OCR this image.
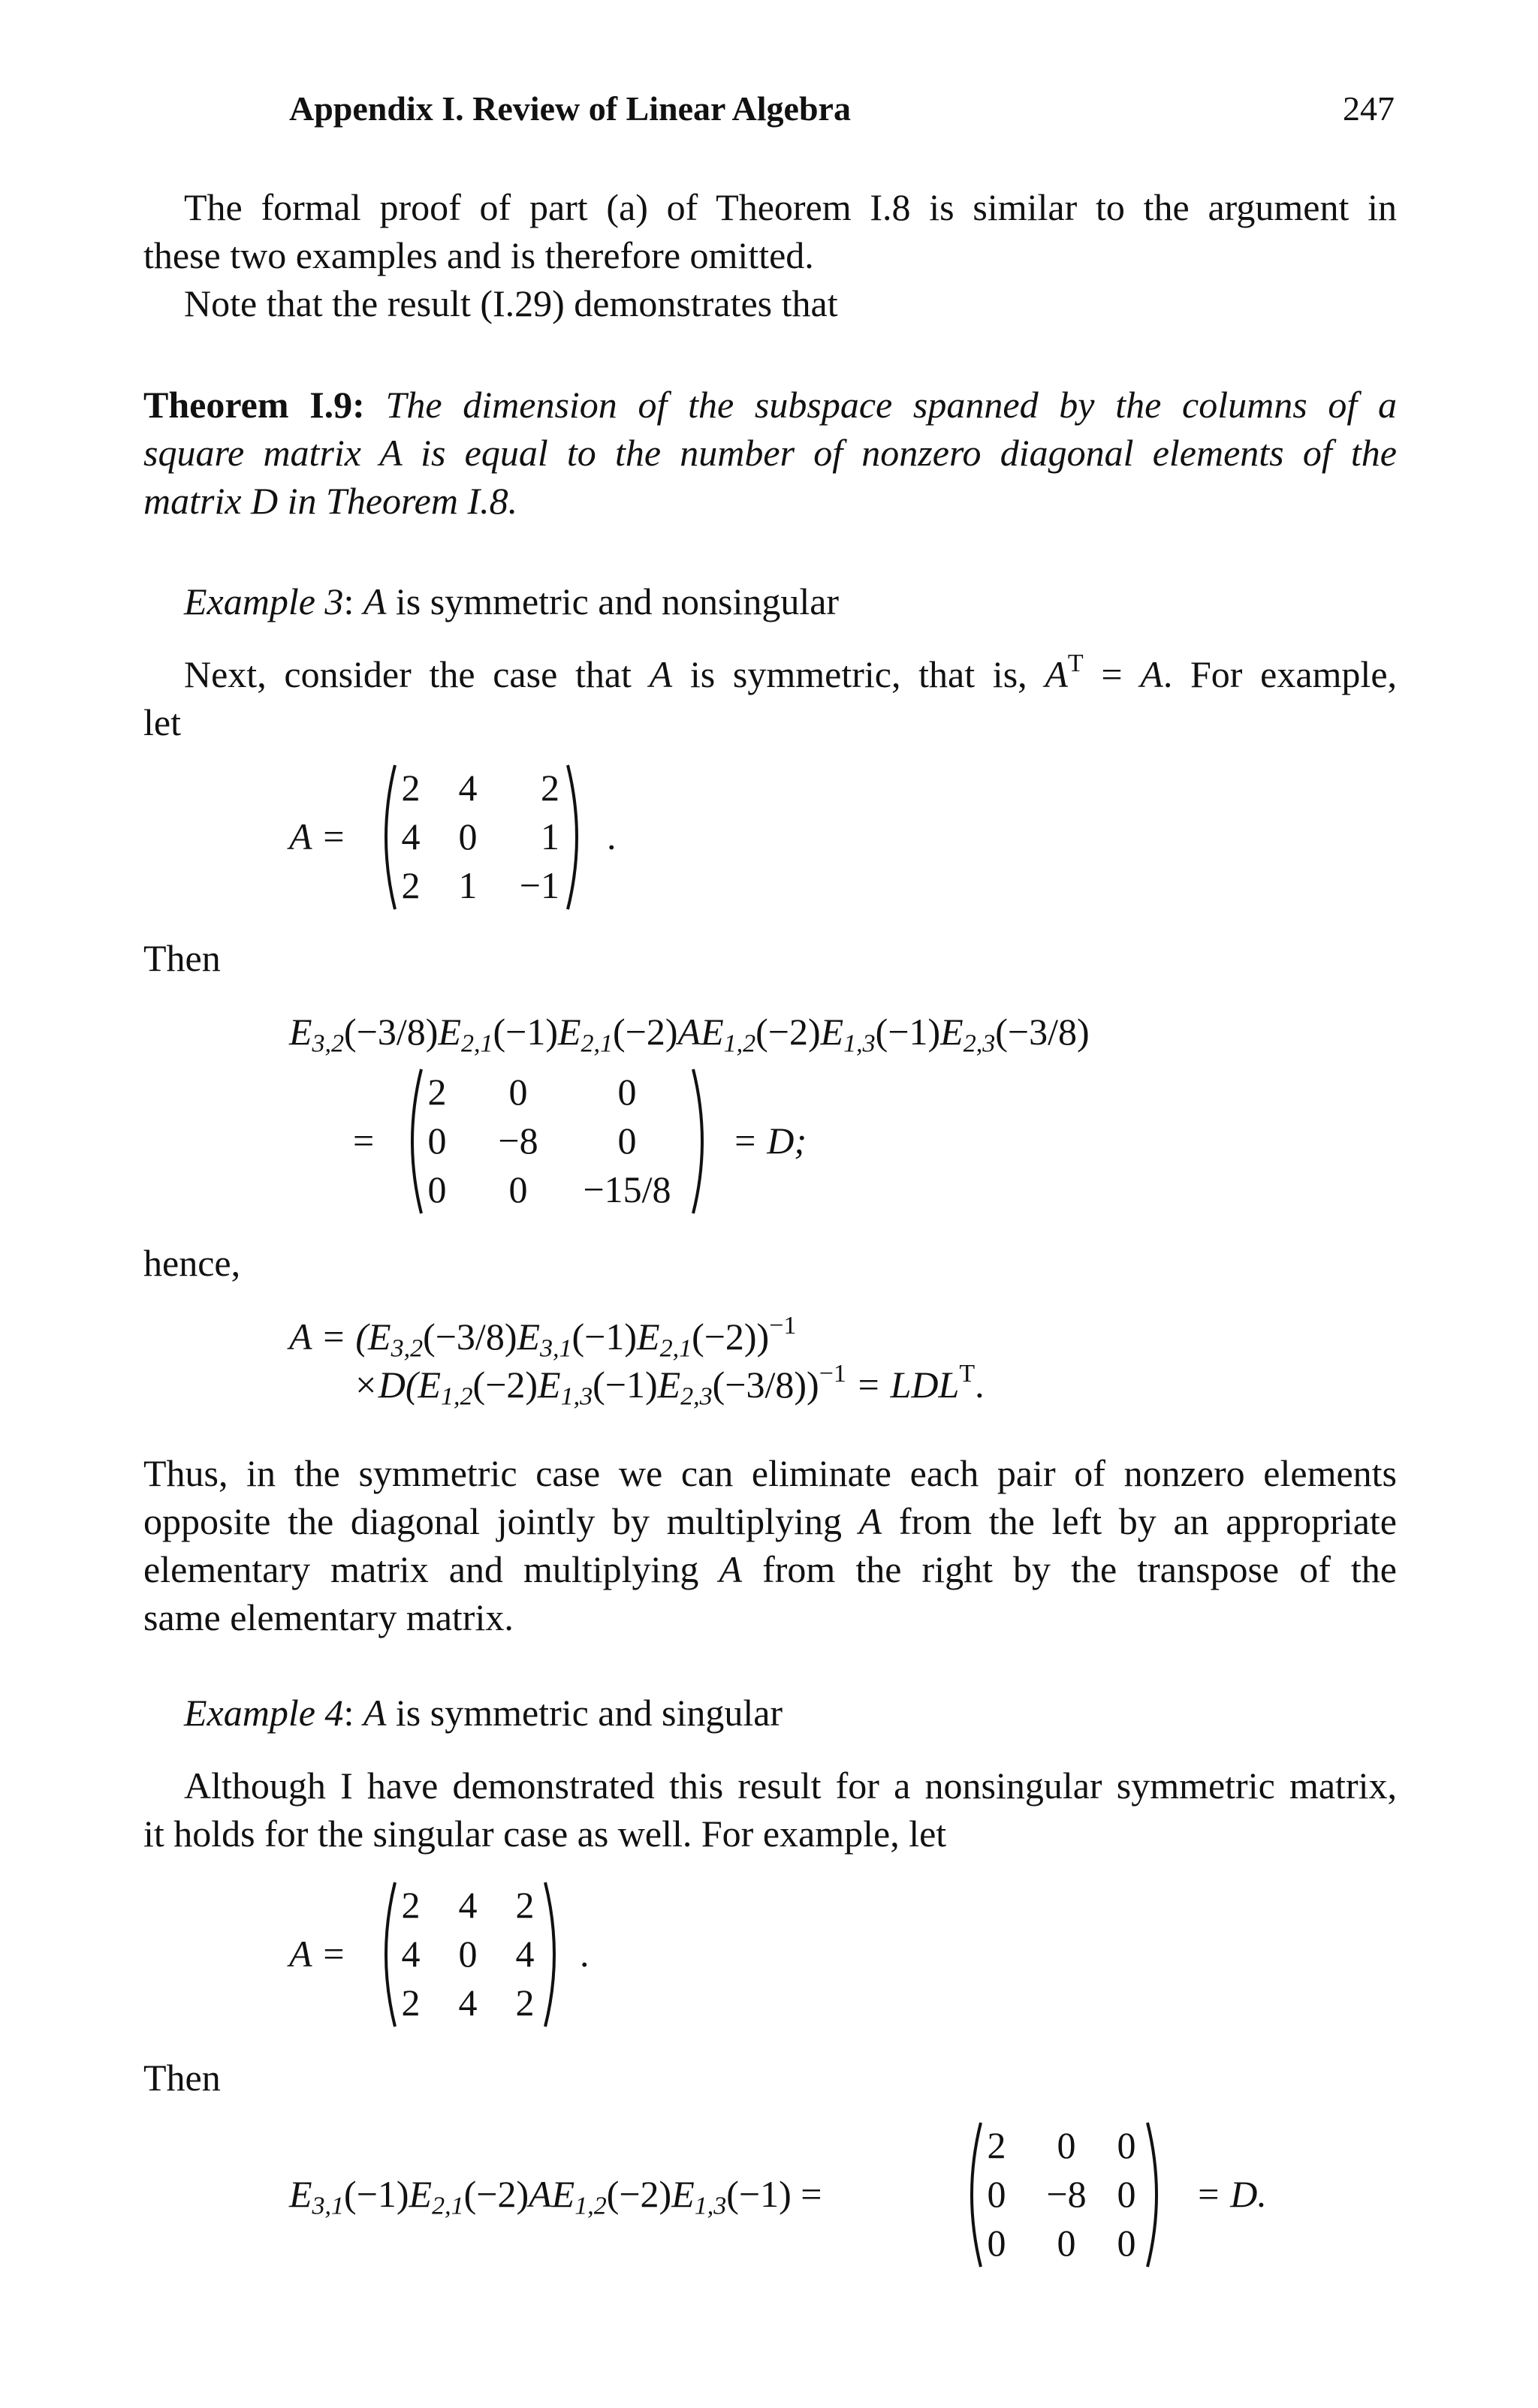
Appendix I. Review of Linear Algebra	247
The formal proof of part (a) of Theorem I.8 is similar to the argument in
these two examples and is therefore omitted.
Note that the result (I.29) demonstrates that
Theorem I.9: The dimension of the subspace spanned by the columns of a
square matrix A is equal to the number of nonzero diagonal elements of the
matrix D in Theorem I.8.
Example 3: A is symmetric and nonsingular
Next, consider the case that A is symmetric, that is, $A^T = A$. For example,
let
A =
2 4	2
4 0	1
2 1	−1
.
Then
$E_{3,2}(-3/8)E_{2,1}(-1)E_{2,1}(-2)AE_{1,2}(-2)E_{1,3}(-1)E_{2,3}(-3/8)$
=
2	0	0
0	−8	0
0	0	−15/8
= D;
hence,
$A = (E_{3,2}(-3/8)E_{3,1}(-1)E_{2,1}(-2))^{-1}$
$\times D(E_{1,2}(-2)E_{1,3}(-1)E_{2,3}(-3/8))^{-1} = LDL^T$.
Thus, in the symmetric case we can eliminate each pair of nonzero elements
opposite the diagonal jointly by multiplying A from the left by an appropriate
elementary matrix and multiplying A from the right by the transpose of the
same elementary matrix.
Example 4: A is symmetric and singular
Although I have demonstrated this result for a nonsingular symmetric matrix,
it holds for the singular case as well. For example, let
A =
2 4 2
4 0 4
2 4 2
.
Then
$E_{3,1}(-1)E_{2,1}(-2)AE_{1,2}(-2)E_{1,3}(-1)$ =
2	0	0
0	−8 0
0	0	0
= D.
